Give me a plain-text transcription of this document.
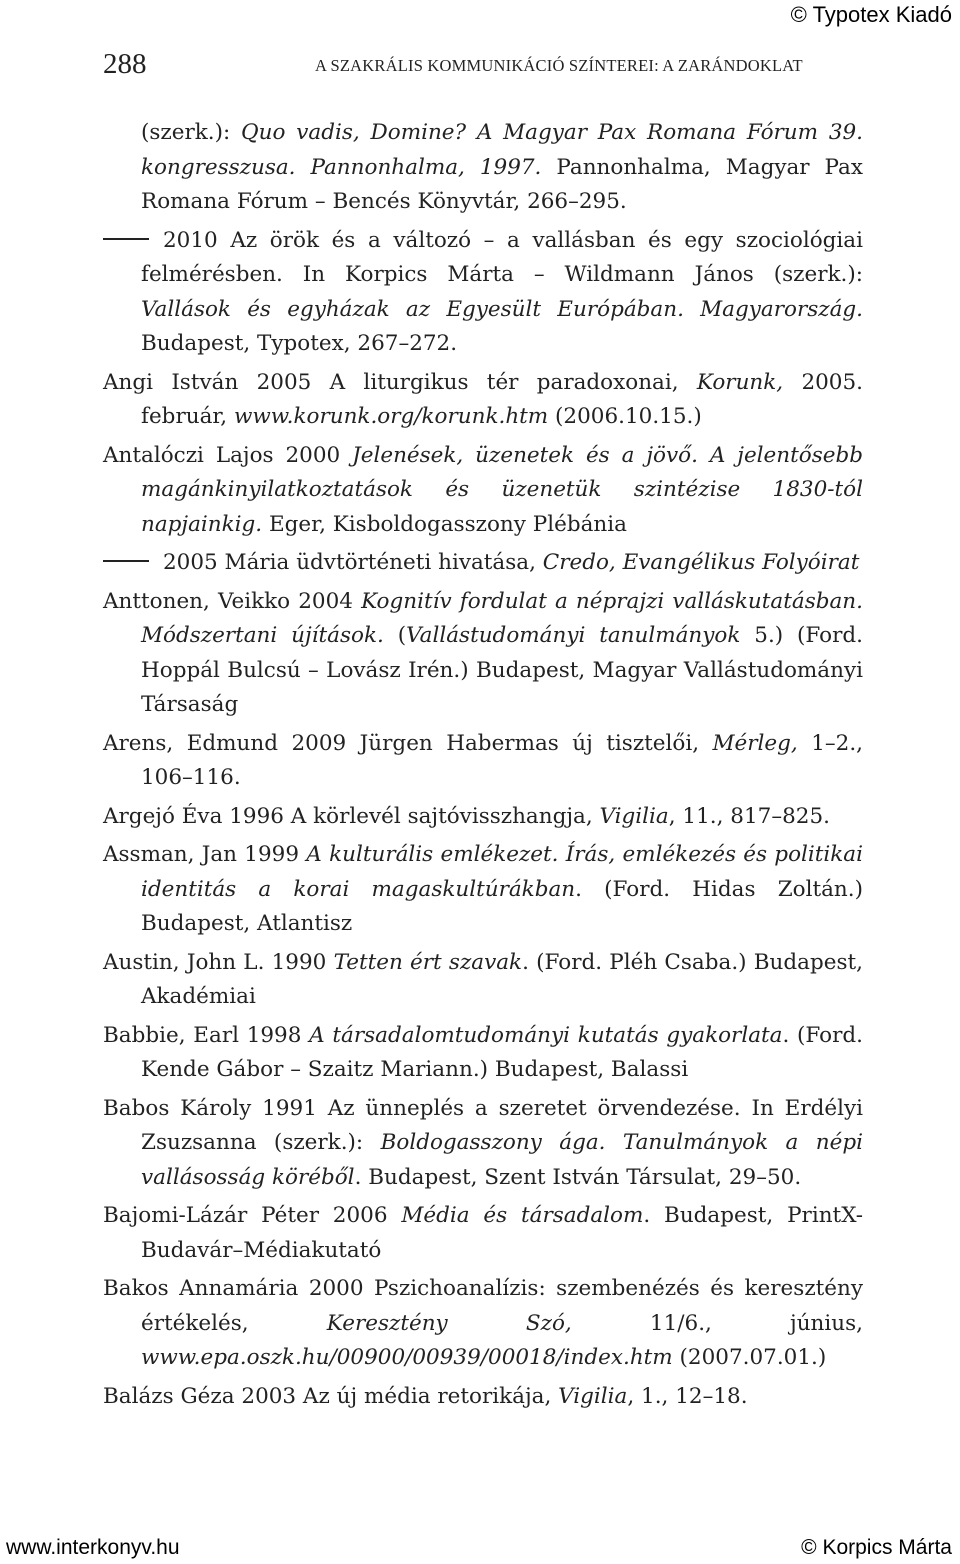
© Typotex Kiadó
288	A SZAKRÁLIS KOMMUNIKÁCIÓ SZÍNTEREI: A ZARÁNDOKLAT

(szerk.): Quo vadis, Domine? A Magyar Pax Romana Fórum 39. kongresszusa. Pannonhalma, 1997. Pannonhalma, Magyar Pax Romana Fórum – Bencés Könyvtár, 266–295.

2010 Az örök és a változó – a vallásban és egy szociológiai felmérésben. In Korpics Márta – Wildmann János (szerk.): Vallások és egyházak az Egyesült Európában. Magyarország. Budapest, Typotex, 267–272.

Angi István 2005 A liturgikus tér paradoxonai, Korunk, 2005. február, www.korunk.org/korunk.htm (2006.10.15.)

Antalóczi Lajos 2000 Jelenések, üzenetek és a jövő. A jelentősebb magánkinyilatkoztatások és üzenetük szintézise 1830-tól napjainkig. Eger, Kisboldogasszony Plébánia

2005 Mária üdvtörténeti hivatása, Credo, Evangélikus Folyóirat

Anttonen, Veikko 2004 Kognitív fordulat a néprajzi valláskutatásban. Módszertani újítások. (Vallástudományi tanulmányok 5.) (Ford. Hoppál Bulcsú – Lovász Irén.) Budapest, Magyar Vallástudományi Társaság

Arens, Edmund 2009 Jürgen Habermas új tisztelői, Mérleg, 1–2., 106–116.

Argejó Éva 1996 A körlevél sajtóvisszhangja, Vigilia, 11., 817–825.

Assman, Jan 1999 A kulturális emlékezet. Írás, emlékezés és politikai identitás a korai magaskultúrákban. (Ford. Hidas Zoltán.) Budapest, Atlantisz

Austin, John L. 1990 Tetten ért szavak. (Ford. Pléh Csaba.) Budapest, Akadémiai

Babbie, Earl 1998 A társadalomtudományi kutatás gyakorlata. (Ford. Kende Gábor – Szaitz Mariann.) Budapest, Balassi

Babos Károly 1991 Az ünneplés a szeretet örvendezése. In Erdélyi Zsuzsanna (szerk.): Boldogasszony ága. Tanulmányok a népi vallásosság köréből. Budapest, Szent István Társulat, 29–50.

Bajomi-Lázár Péter 2006 Média és társadalom. Budapest, PrintX-Budavár–Médiakutató

Bakos Annamária 2000 Pszichoanalízis: szembenézés és keresztény értékelés, Keresztény Szó, 11/6., június, www.epa.oszk.hu/00900/00939/00018/index.htm (2007.07.01.)

Balázs Géza 2003 Az új média retorikája, Vigilia, 1., 12–18.

www.interkonyv.hu	© Korpics Márta
